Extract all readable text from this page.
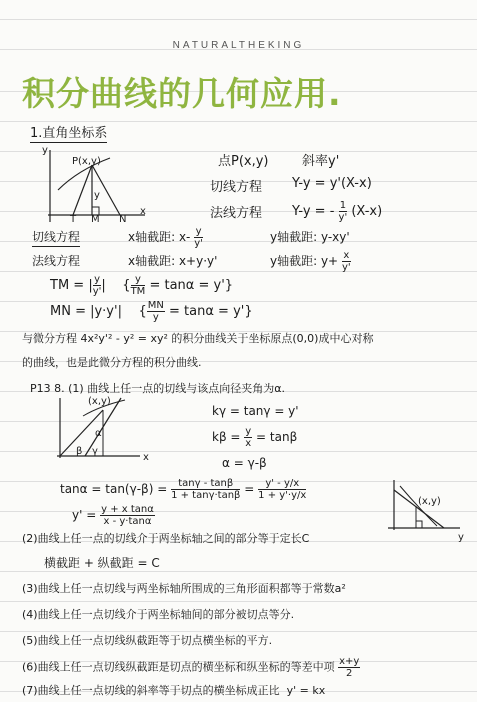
NATURALTHEKING
积分曲线的几何应用.
1.直角坐标系
y
P(x,y)
y
T M N
x
点P(x,y)	斜率y'
切线方程 Y-y = y'(X-x)
法线方程 Y-y = - $\frac{1}{y'} (X-x)$
切线方程	x轴截距: $x- \frac{y}{y'}$	y轴截距: y-xy'
法线方程	x轴截距: x+y·y'	y轴截距: $y+ \frac{x}{y'}$
TM = | $\frac{y}{y'}$ | { $\frac{y}{TM} = \tan\alpha = y'$}
MN = |y·y'| { $\frac{MN}{y} = \tan\alpha = y'$}
与微分方程 4x²y'² - y² = xy² 的积分曲线关于坐标原点(0,0)成中心对称
的曲线，也是此微分方程的积分曲线.
P13 8. (1) 曲线上任一点的切线与该点向径夹角为α.
(x,y)
α
β γ
x
kγ = tanγ = y'
$k\beta = \frac{y}{x} = \tan\beta$
α = γ-β
$\tan\alpha = \tan(\gamma-\beta) = \frac{\tan\gamma - \tan\beta}{1 + \tan\gamma\cdot\tan\beta} = \frac{y' - y/x}{1 + y'\cdot y/x}$
$y' = \frac{\text{y + x tanα}}{x - y\cdot\tan\alpha}$
(x,y)
y
(2)曲线上任一点的切线介于两坐标轴之间的部分等于定长C
横截距 + 纵截距 = C
(3)曲线上任一点切线与两坐标轴所围成的三角形面积都等于常数a²
(4)曲线上任一点切线介于两坐标轴间的部分被切点等分.
(5)曲线上任一点切线纵截距等于切点横坐标的平方.
(6)曲线上任一点切线纵截距是切点的横坐标和纵坐标的等差中项 $\frac{x+y}{2}$
(7)曲线上任一点切线的斜率等于切点的横坐标成正比 y' = kx
